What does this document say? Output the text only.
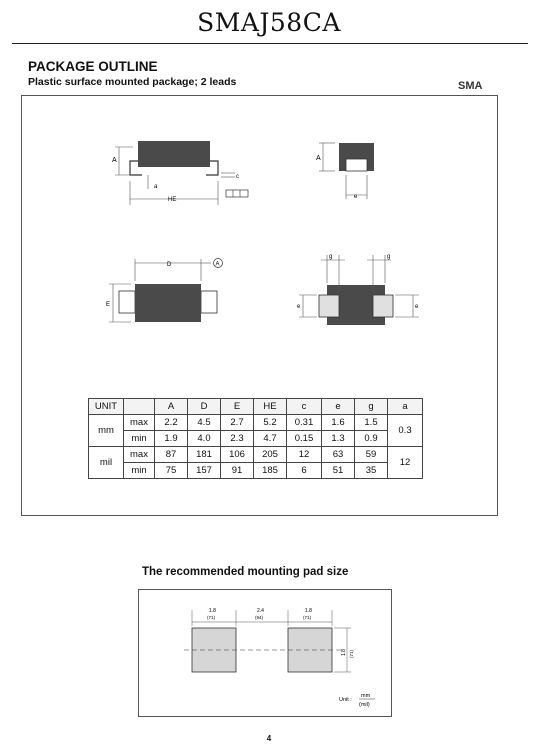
SMAJ58CA
PACKAGE OUTLINE
Plastic surface mounted package; 2 leads	SMA
A
HE
a
c
A
e
D	A
E
g	g
e	e
UNIT		A	D	E	HE	c	e	g	a
mm	max	2.2	4.5	2.7	5.2	0.31	1.6	1.5	0.3
	min	1.9	4.0	2.3	4.7	0.15	1.3	0.9	
mil	max	87	181	106	205	12	63	59	12
	min	75	157	91	185	6	51	35	
The recommended mounting pad size
1.8
(71)
2.4
(94)
1.8
(71)
1.8 (71)
Unit :
mm
(mil)
4
